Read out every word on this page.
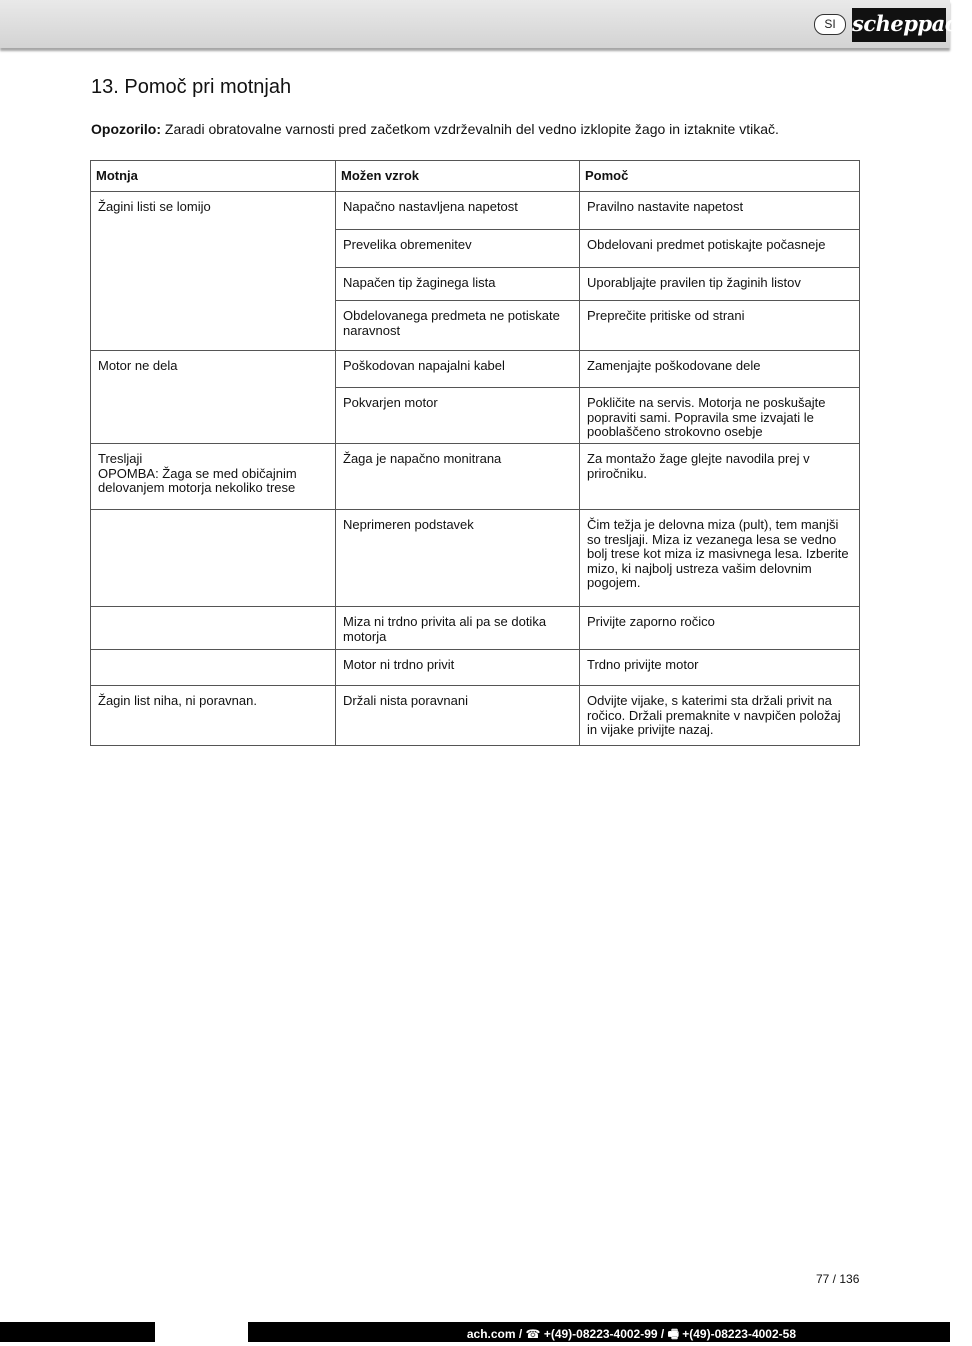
SI scheppach
13. Pomoč pri motnjah
Opozorilo: Zaradi obratovalne varnosti pred začetkom vzdrževalnih del vedno izklopite žago in iztaknite vtikač.
Motnja	Možen vzrok	Pomoč
Žagini listi se lomijo	Napačno nastavljena napetost	Pravilno nastavite napetost
	Prevelika obremenitev	Obdelovani predmet potiskajte počasneje
	Napačen tip žaginega lista	Uporabljajte pravilen tip žaginih listov
	Obdelovanega predmeta ne potiskate naravnost	Preprečite pritiske od strani
Motor ne dela	Poškodovan napajalni kabel	Zamenjajte poškodovane dele
	Pokvarjen motor	Pokličite na servis. Motorja ne poskušajte popraviti sami. Popravila sme izvajati le pooblaščeno strokovno osebje
Tresljaji
OPOMBA: Žaga se med običajnim delovanjem motorja nekoliko trese	Žaga je napačno monitrana	Za montažo žage glejte navodila prej v priročniku.
	Neprimeren podstavek	Čim težja je delovna miza (pult), tem manjši so tresljaji. Miza iz vezanega lesa se vedno bolj trese kot miza iz masivnega lesa. Izberite mizo, ki najbolj ustreza vašim delovnim pogojem.
	Miza ni trdno privita ali pa se dotika motorja	Privijte zaporno ročico
	Motor ni trdno privit	Trdno privijte motor
Žagin list niha, ni poravnan.	Držali nista poravnani	Odvijte vijake, s katerimi sta držali privit na ročico. Držali premaknite v navpičen položaj in vijake privijte nazaj.
77 / 136
ach.com / ☎ +(49)-08223-4002-99 / 🖷 +(49)-08223-4002-58
